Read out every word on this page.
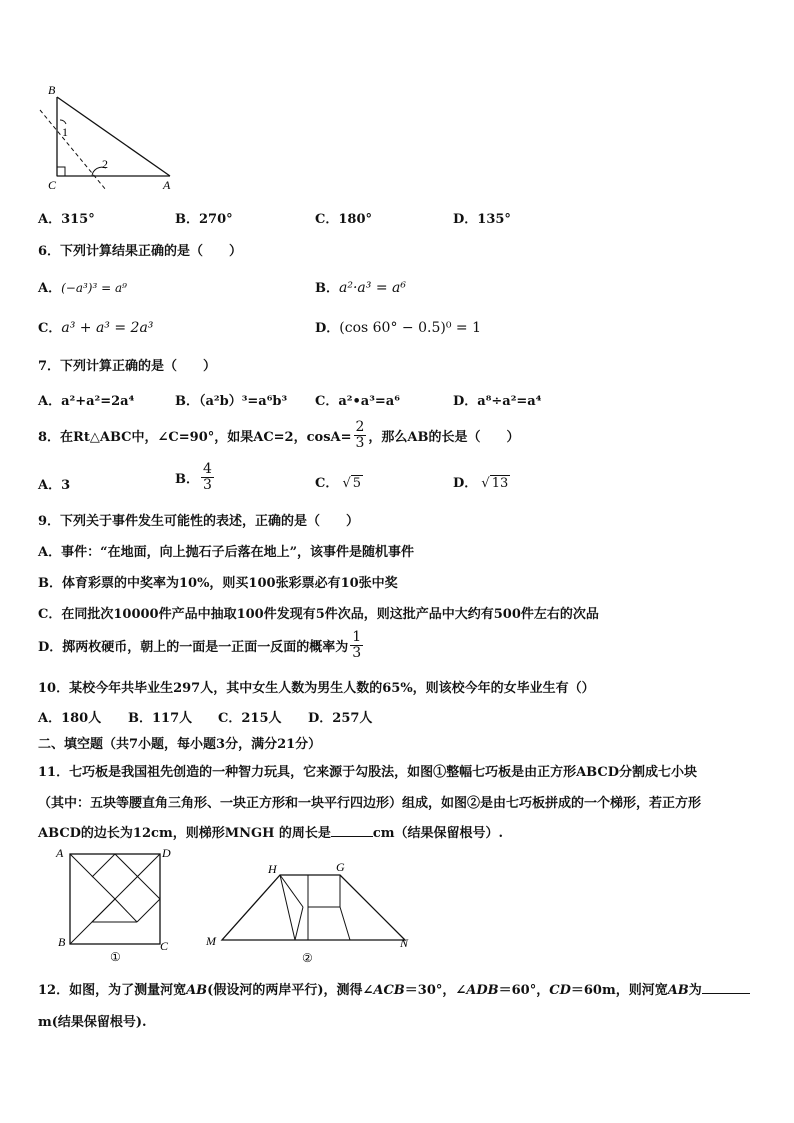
B
C	A
1
2
A．315°	B．270°	C．180°	D．135°
6．下列计算结果正确的是（　　）
A．(−a³)³ = a⁹	B．a²·a³ = a⁶
C．a³ + a³ = 2a³	D．(cos 60° − 0.5)⁰ = 1
7．下列计算正确的是（　　）
A．a²+a²=2a⁴	B．（a²b）³=a⁶b³ C．a²•a³=a⁶	D．a⁸÷a²=a⁴
8．在Rt△ABC中，∠C=90°，如果AC=2，$\cos A= \frac{2}{3}$ ，那么AB的长是（　　）
A．3	B． $\frac{4}{3}$	C． √ 5	D． √ 13
9．下列关于事件发生可能性的表述，正确的是（　　）
A．事件：“在地面，向上抛石子后落在地上”，该事件是随机事件
B．体育彩票的中奖率为10%，则买100张彩票必有10张中奖
C．在同批次10000件产品中抽取100件发现有5件次品，则这批产品中大约有500件左右的次品
D．掷两枚硬币，朝上的一面是一正面一反面的概率为 $\frac{1}{3}$
10．某校今年共毕业生297人，其中女生人数为男生人数的65%，则该校今年的女毕业生有（）
A．180人 B．117人 C．215人 D．257人
二、填空题（共7小题，每小题3分，满分21分）
11．七巧板是我国祖先创造的一种智力玩具，它来源于勾股法，如图①整幅七巧板是由正方形ABCD分割成七小块
（其中：五块等腰直角三角形、一块正方形和一块平行四边形）组成，如图②是由七巧板拼成的一个梯形，若正方形
ABCD的边长为12cm，则梯形MNGH 的周长是	cm（结果保留根号）.
A	D
B	C
①
H	G
M	N
②
12．如图，为了测量河宽AB(假设河的两岸平行)，测得∠ACB＝30°，∠ADB＝60°，CD＝60m，则河宽AB为
m(结果保留根号).
